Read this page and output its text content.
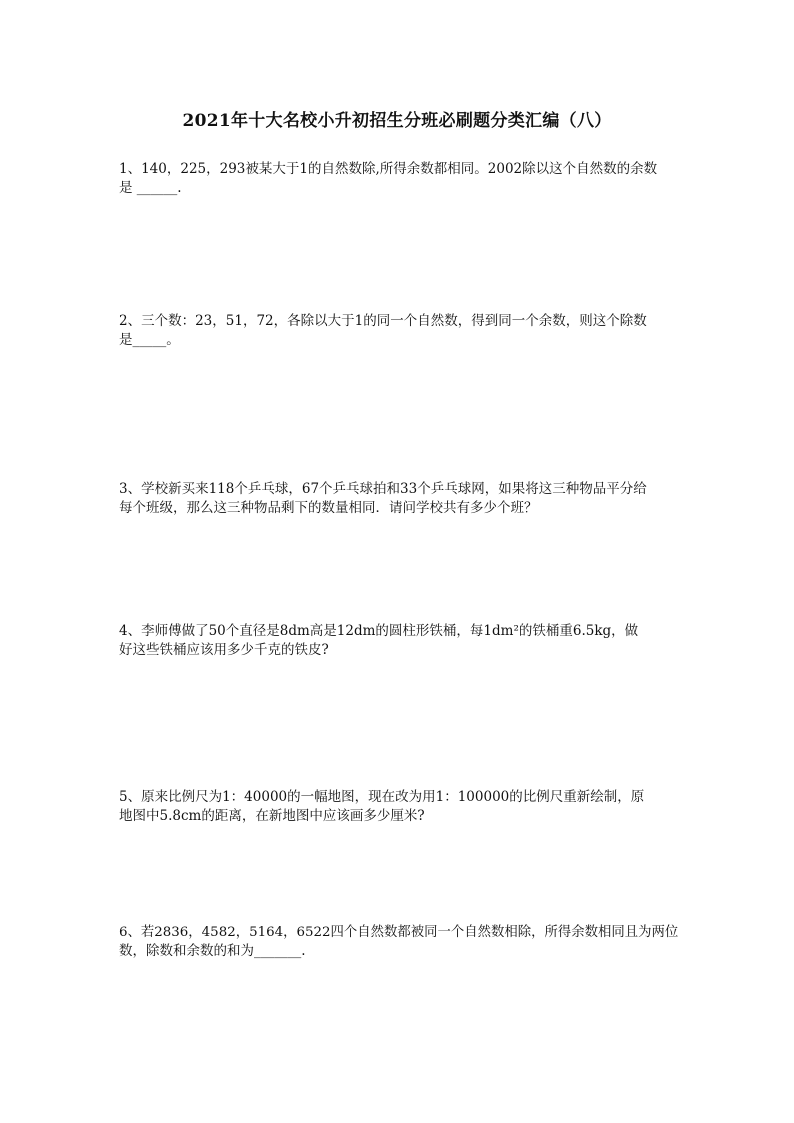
2021年十大名校小升初招生分班必刷题分类汇编（八）
1、140，225，293被某大于1的自然数除,所得余数都相同。2002除以这个自然数的余数
是 ______.
2、三个数：23，51，72，各除以大于1的同一个自然数，得到同一个余数，则这个除数
是_____。
3、学校新买来118个乒乓球，67个乒乓球拍和33个乒乓球网，如果将这三种物品平分给
每个班级，那么这三种物品剩下的数量相同．请问学校共有多少个班？
4、李师傅做了50个直径是8dm高是12dm的圆柱形铁桶，每1dm²的铁桶重6.5kg，做
好这些铁桶应该用多少千克的铁皮?
5、原来比例尺为1：40000的一幅地图，现在改为用1：100000的比例尺重新绘制，原
地图中5.8cm的距离，在新地图中应该画多少厘米?
6、若2836，4582，5164，6522四个自然数都被同一个自然数相除，所得余数相同且为两位
数，除数和余数的和为_______.
